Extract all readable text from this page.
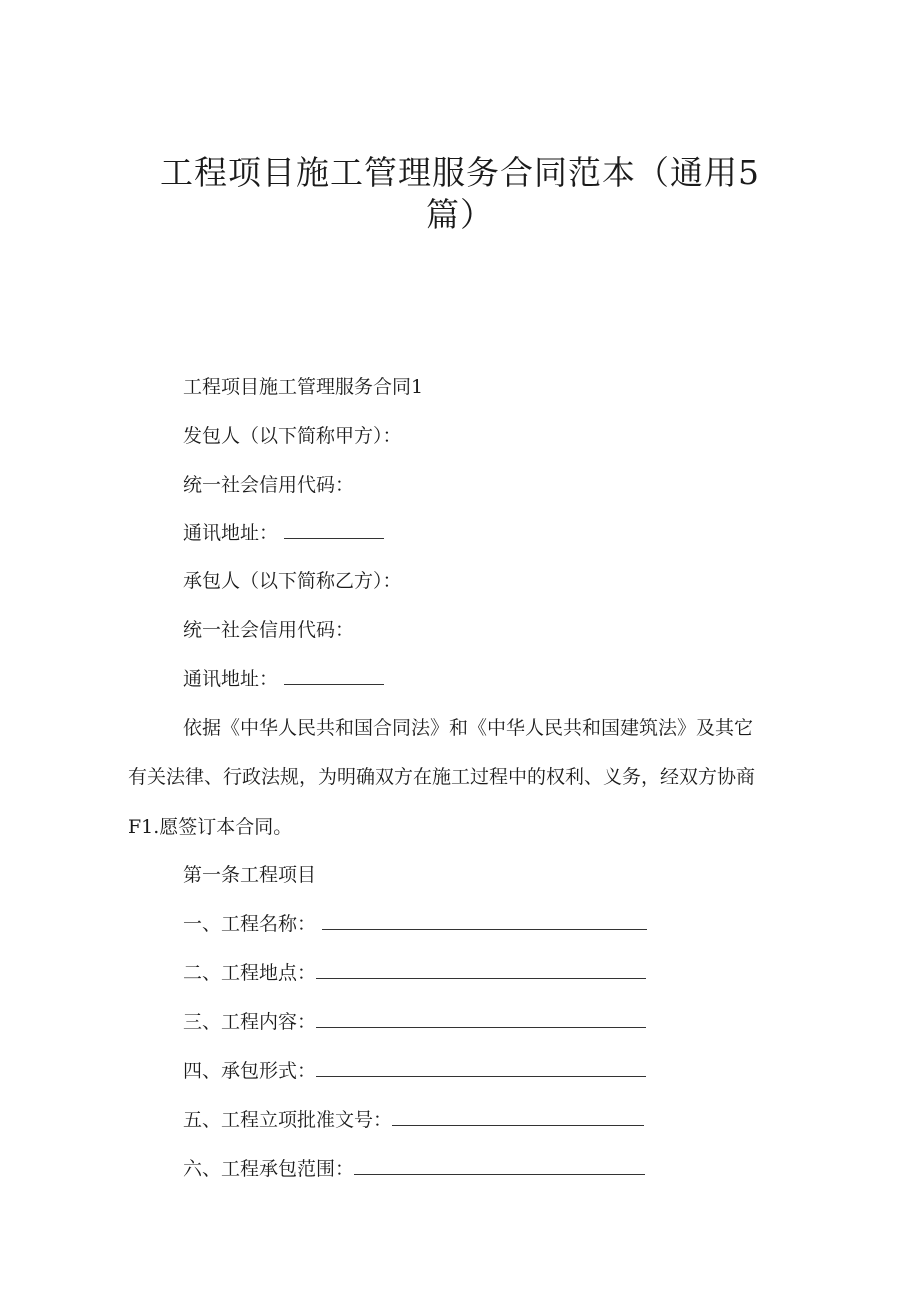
工程项目施工管理服务合同范本（通用5
篇）
工程项目施工管理服务合同1
发包人（以下简称甲方）：
统一社会信用代码：
通讯地址：
承包人（以下简称乙方）：
统一社会信用代码：
通讯地址：
依据《中华人民共和国合同法》和《中华人民共和国建筑法》及其它
有关法律、行政法规，为明确双方在施工过程中的权利、义务，经双方协商
F1.愿签订本合同。
第一条工程项目
一、工程名称：
二、工程地点：
三、工程内容：
四、承包形式：
五、工程立项批准文号：
六、工程承包范围：
